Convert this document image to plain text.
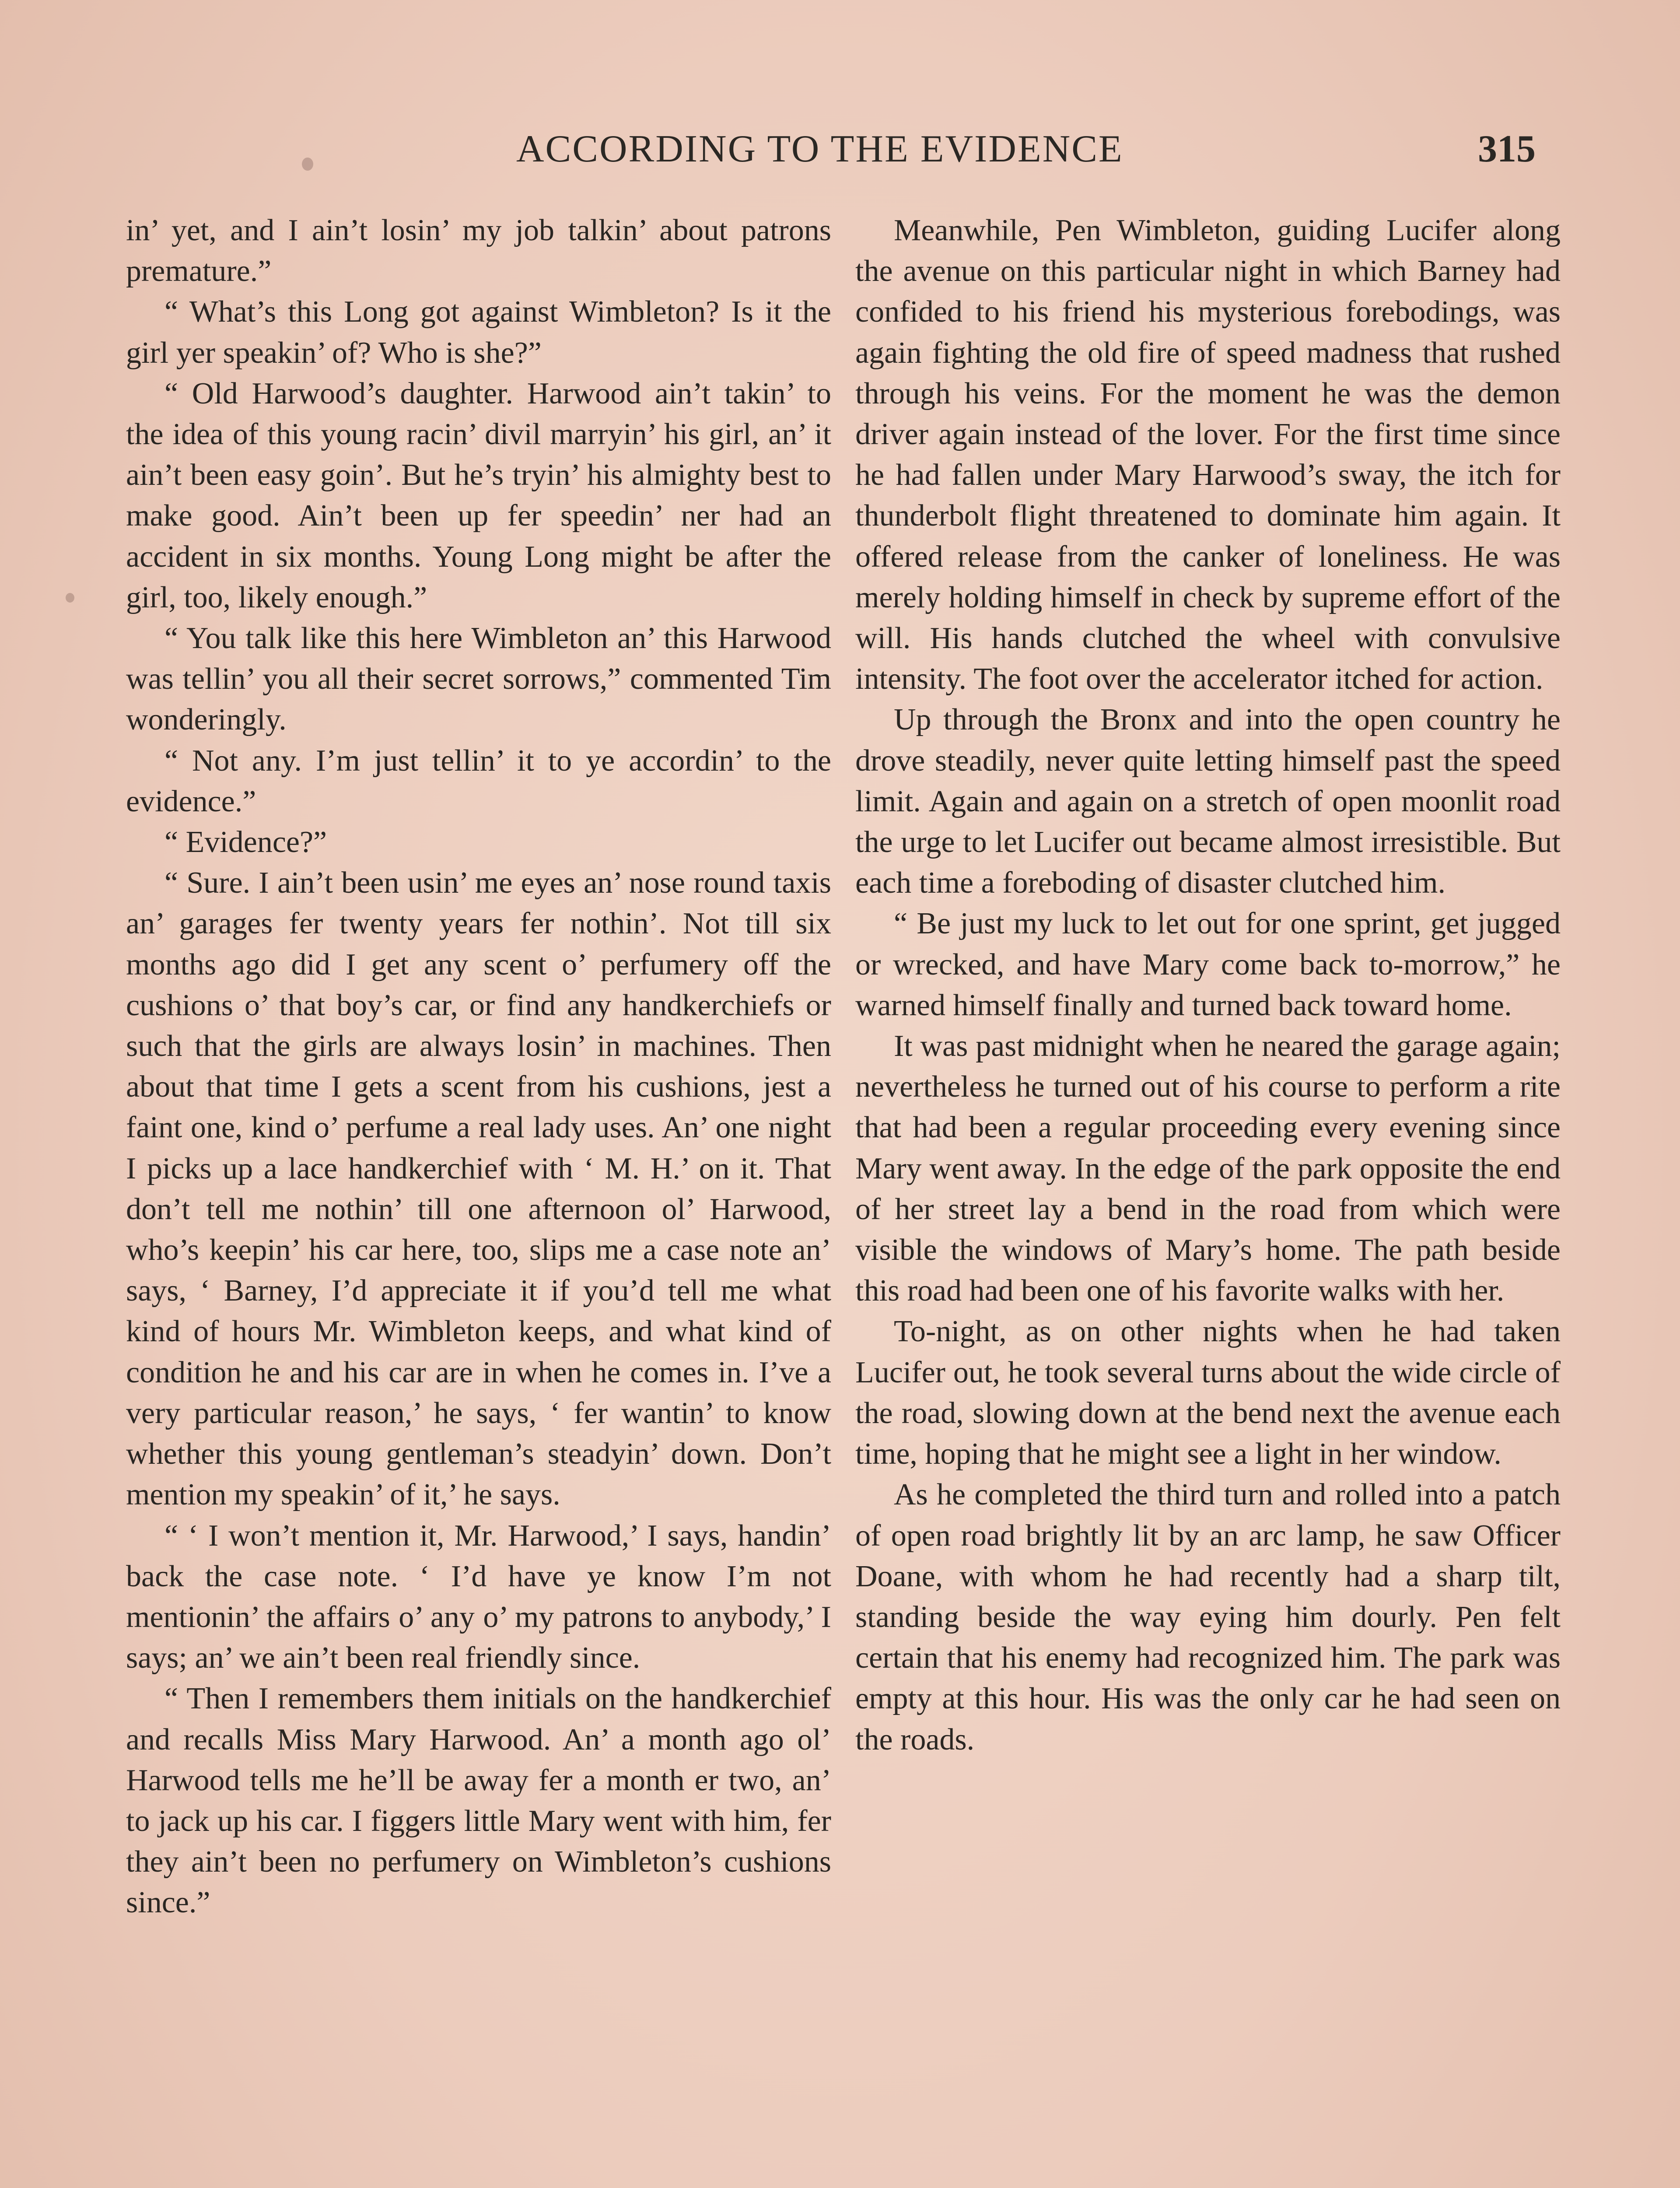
ACCORDING TO THE EVIDENCE	315

in’ yet, and I ain’t losin’ my job talkin’ about patrons premature.”

“ What’s this Long got against Wimbleton? Is it the girl yer speakin’ of? Who is she?”

“ Old Harwood’s daughter. Harwood ain’t takin’ to the idea of this young racin’ divil marryin’ his girl, an’ it ain’t been easy goin’. But he’s tryin’ his almighty best to make good. Ain’t been up fer speedin’ ner had an accident in six months. Young Long might be after the girl, too, likely enough.”

“ You talk like this here Wimbleton an’ this Harwood was tellin’ you all their secret sorrows,” commented Tim wonderingly.

“ Not any. I’m just tellin’ it to ye accordin’ to the evidence.”

“ Evidence?”

“ Sure. I ain’t been usin’ me eyes an’ nose round taxis an’ garages fer twenty years fer nothin’. Not till six months ago did I get any scent o’ perfumery off the cushions o’ that boy’s car, or find any handkerchiefs or such that the girls are always losin’ in machines. Then about that time I gets a scent from his cushions, jest a faint one, kind o’ perfume a real lady uses. An’ one night I picks up a lace handkerchief with ‘ M. H.’ on it. That don’t tell me nothin’ till one afternoon ol’ Harwood, who’s keepin’ his car here, too, slips me a case note an’ says, ‘ Barney, I’d appreciate it if you’d tell me what kind of hours Mr. Wimbleton keeps, and what kind of condition he and his car are in when he comes in. I’ve a very particular reason,’ he says, ‘ fer wantin’ to know whether this young gentleman’s steadyin’ down. Don’t mention my speakin’ of it,’ he says.

“ ‘ I won’t mention it, Mr. Harwood,’ I says, handin’ back the case note. ‘ I’d have ye know I’m not mentionin’ the affairs o’ any o’ my patrons to anybody,’ I says; an’ we ain’t been real friendly since.

“ Then I remembers them initials on the handkerchief and recalls Miss Mary Harwood. An’ a month ago ol’ Harwood tells me he’ll be away fer a month er two, an’ to jack up his car. I figgers little Mary went with him, fer they ain’t been no perfumery on Wimbleton’s cushions since.”

Meanwhile, Pen Wimbleton, guiding Lucifer along the avenue on this particular night in which Barney had confided to his friend his mysterious forebodings, was again fighting the old fire of speed madness that rushed through his veins. For the moment he was the demon driver again instead of the lover. For the first time since he had fallen under Mary Harwood’s sway, the itch for thunderbolt flight threatened to dominate him again. It offered release from the canker of loneliness. He was merely holding himself in check by supreme effort of the will. His hands clutched the wheel with convulsive intensity. The foot over the accelerator itched for action.

Up through the Bronx and into the open country he drove steadily, never quite letting himself past the speed limit. Again and again on a stretch of open moonlit road the urge to let Lucifer out became almost irresistible. But each time a foreboding of disaster clutched him.

“ Be just my luck to let out for one sprint, get jugged or wrecked, and have Mary come back to-morrow,” he warned himself finally and turned back toward home.

It was past midnight when he neared the garage again; nevertheless he turned out of his course to perform a rite that had been a regular proceeding every evening since Mary went away. In the edge of the park opposite the end of her street lay a bend in the road from which were visible the windows of Mary’s home. The path beside this road had been one of his favorite walks with her.

To-night, as on other nights when he had taken Lucifer out, he took several turns about the wide circle of the road, slowing down at the bend next the avenue each time, hoping that he might see a light in her window.

As he completed the third turn and rolled into a patch of open road brightly lit by an arc lamp, he saw Officer Doane, with whom he had recently had a sharp tilt, standing beside the way eying him dourly. Pen felt certain that his enemy had recognized him. The park was empty at this hour. His was the only car he had seen on the roads.
